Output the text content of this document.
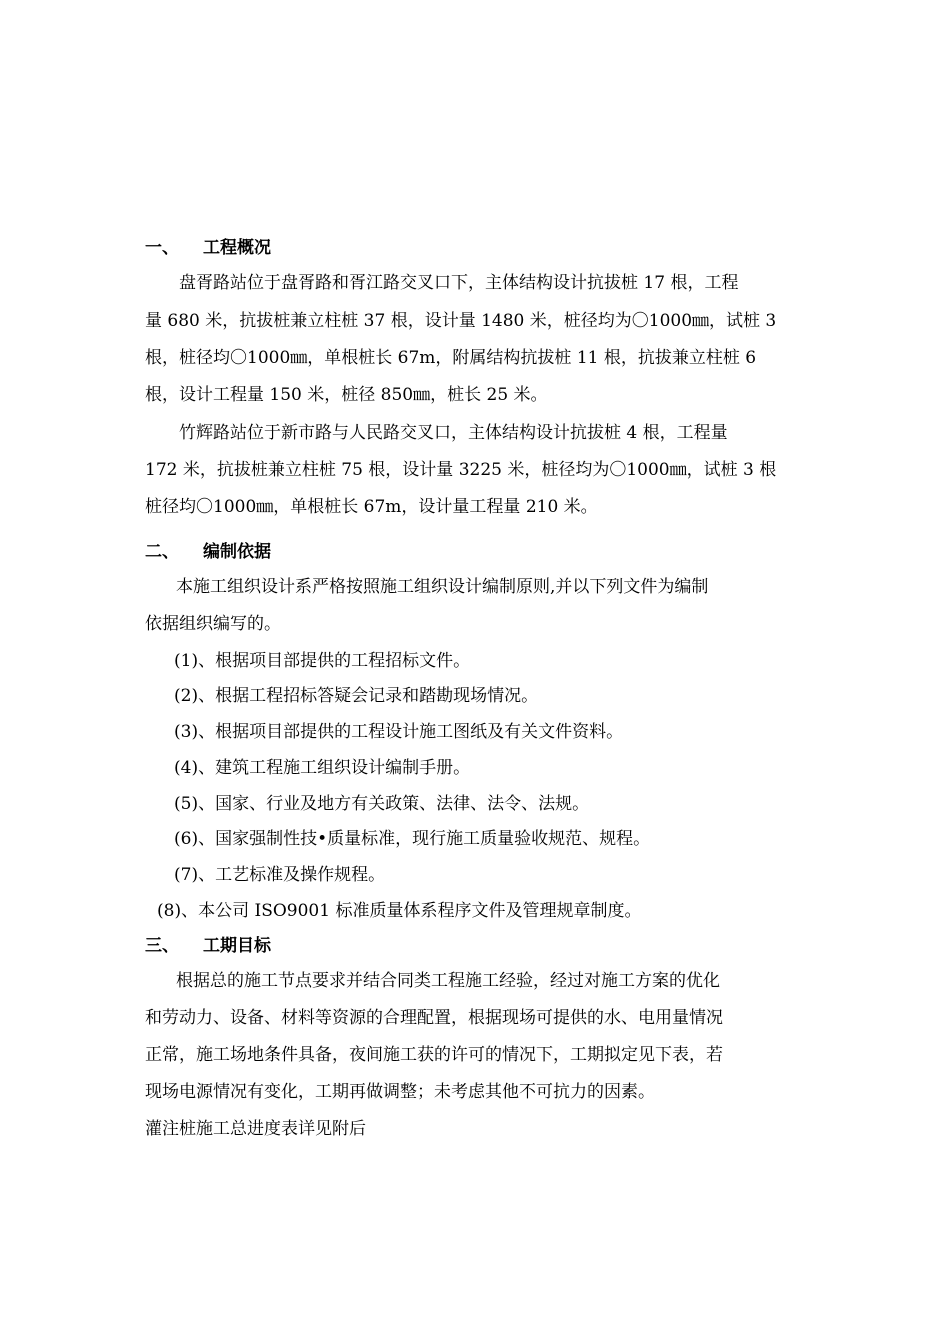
一、 工程概况
盘胥路站位于盘胥路和胥江路交叉口下，主体结构设计抗拔桩 17 根，工程
量 680 米，抗拔桩兼立柱桩 37 根，设计量 1480 米，桩径均为〇1000㎜，试桩 3
根，桩径均〇1000㎜，单根桩长 67m，附属结构抗拔桩 11 根，抗拔兼立柱桩 6
根，设计工程量 150 米，桩径 850㎜，桩长 25 米。
竹辉路站位于新市路与人民路交叉口，主体结构设计抗拔桩 4 根，工程量
172 米，抗拔桩兼立柱桩 75 根，设计量 3225 米，桩径均为〇1000㎜，试桩 3 根
桩径均〇1000㎜，单根桩长 67m，设计量工程量 210 米。
二、 编制依据
本施工组织设计系严格按照施工组织设计编制原则,并以下列文件为编制
依据组织编写的。
(1)、根据项目部提供的工程招标文件。
(2)、根据工程招标答疑会记录和踏勘现场情况。
(3)、根据项目部提供的工程设计施工图纸及有关文件资料。
(4)、建筑工程施工组织设计编制手册。
(5)、国家、行业及地方有关政策、法律、法令、法规。
(6)、国家强制性技•质量标准，现行施工质量验收规范、规程。
(7)、工艺标准及操作规程。
(8)、本公司 ISO9001 标准质量体系程序文件及管理规章制度。
三、 工期目标
根据总的施工节点要求并结合同类工程施工经验，经过对施工方案的优化
和劳动力、设备、材料等资源的合理配置，根据现场可提供的水、电用量情况
正常，施工场地条件具备，夜间施工获的许可的情况下，工期拟定见下表，若
现场电源情况有变化，工期再做调整；未考虑其他不可抗力的因素。
灌注桩施工总进度表详见附后
